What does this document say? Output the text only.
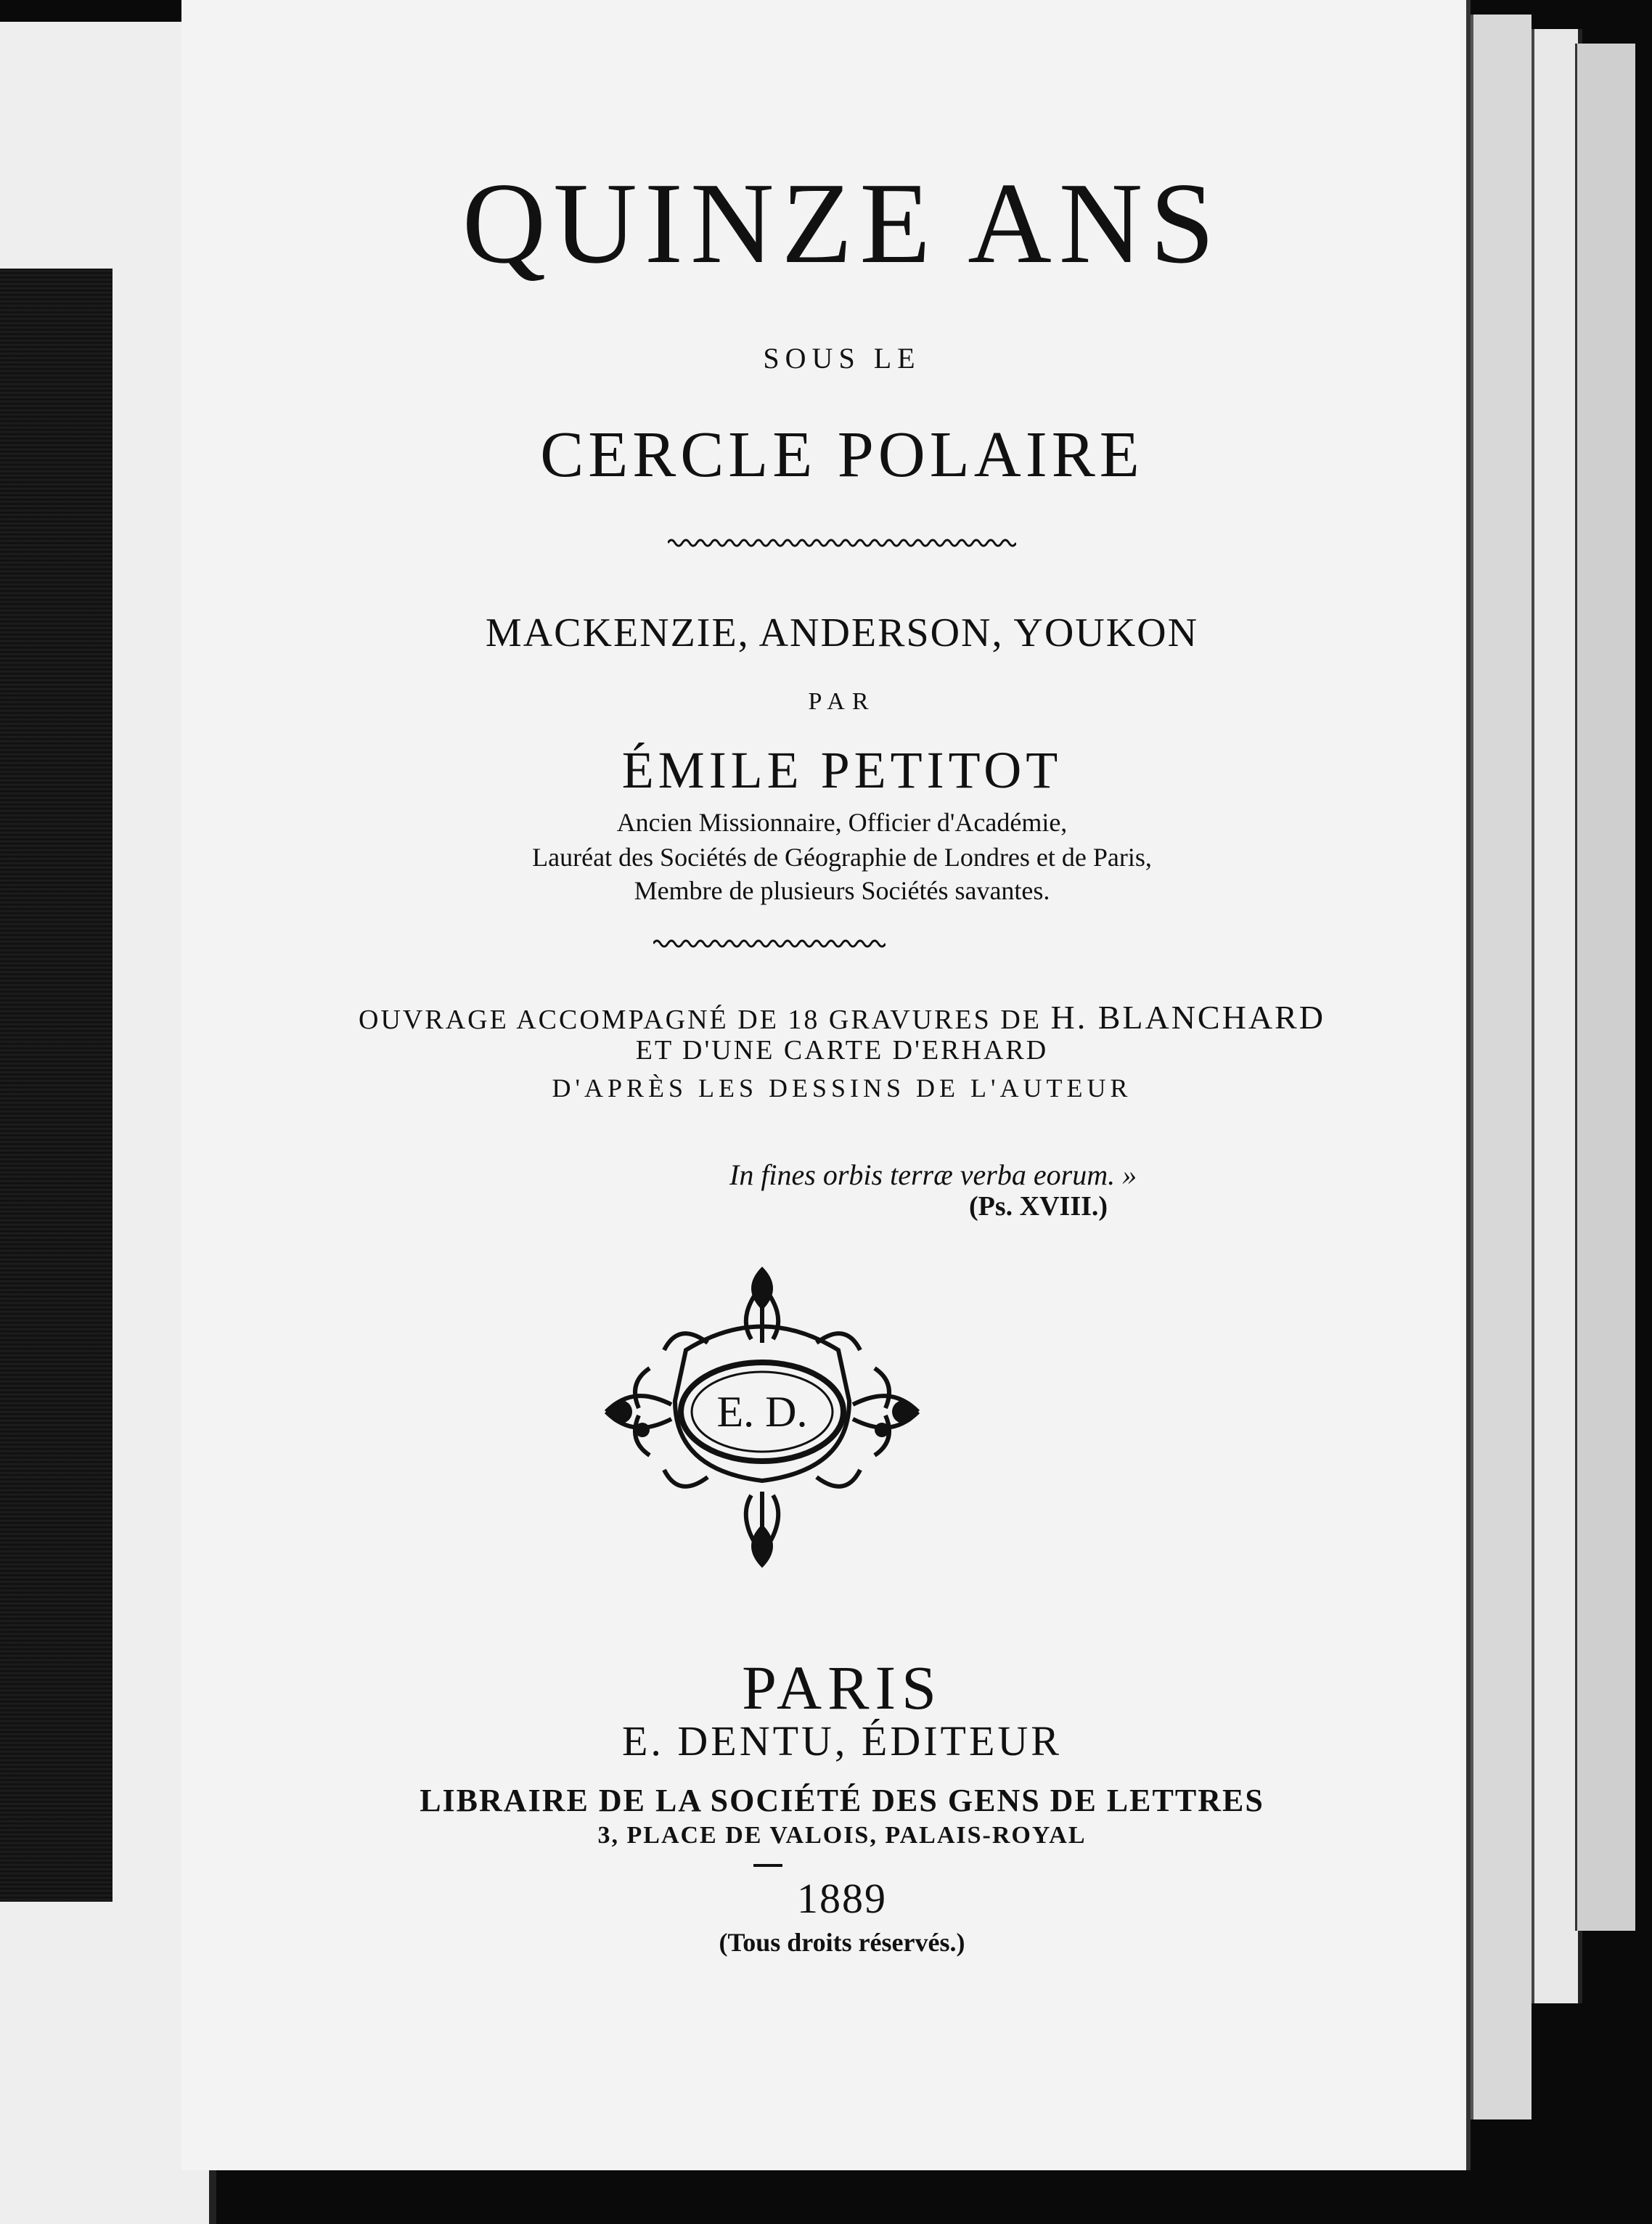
QUINZE ANS
SOUS LE
CERCLE POLAIRE
MACKENZIE, ANDERSON, YOUKON
PAR
ÉMILE PETITOT
Ancien Missionnaire, Officier d'Académie,
Lauréat des Sociétés de Géographie de Londres et de Paris,
Membre de plusieurs Sociétés savantes.
OUVRAGE ACCOMPAGNÉ DE 18 GRAVURES DE H. BLANCHARD
ET D'UNE CARTE D'ERHARD
D'APRÈS LES DESSINS DE L'AUTEUR
In fines orbis terræ verba eorum. »
(Ps. XVIII.)
E. D.
PARIS
E. DENTU, ÉDITEUR
LIBRAIRE DE LA SOCIÉTÉ DES GENS DE LETTRES
3, PLACE DE VALOIS, PALAIS-ROYAL
1889
(Tous droits réservés.)
